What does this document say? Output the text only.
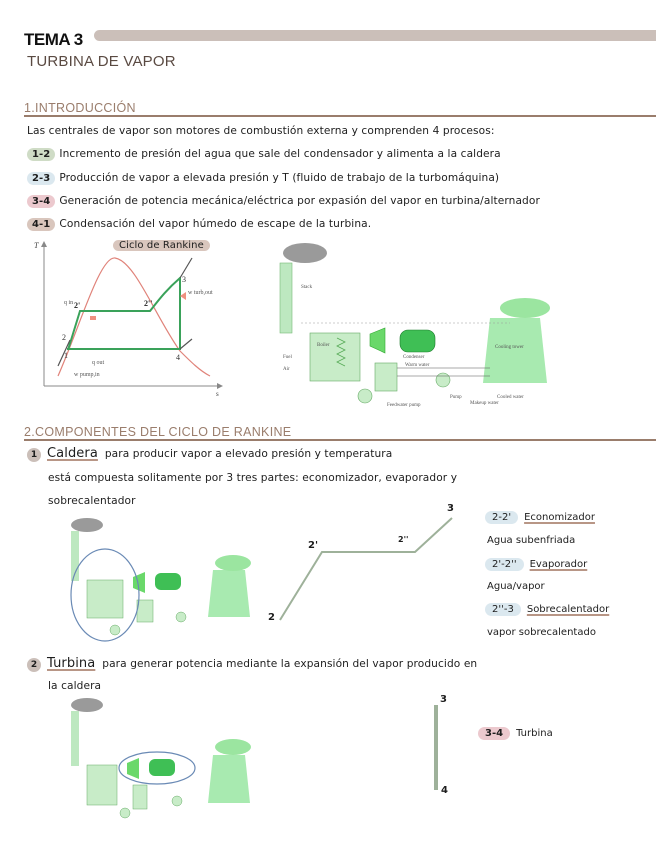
TEMA 3
TURBINA DE VAPOR
1.INTRODUCCIÓN
Las centrales de vapor son motores de combustión externa y comprenden 4 procesos:
1-2 Incremento de presión del agua que sale del condensador y alimenta a la caldera
2-3 Producción de vapor a elevada presión y T (fluido de trabajo de la turbomáquina)
3-4 Generación de potencia mecánica/eléctrica por expasión del vapor en turbina/alternador
4-1 Condensación del vapor húmedo de escape de la turbina.
T
s
3
4
1
2
2'	2''
w turb,out
q in
q out
w pump,in
Ciclo de Rankine
Stack
Boiler
Fuel
Air
Cooling tower
Condenser
Warm water
Feedwater pump
Pump
Makeup water
Cooled water
2.COMPONENTES DEL CICLO DE RANKINE
1 Caldera para producir vapor a elevado presión y temperatura
está compuesta solitamente por 3 tres partes: economizador, evaporador y
sobrecalentador
2
2'
2''
3
2-2' Economizador
Agua subenfriada
2'-2'' Evaporador
Agua/vapor
2''-3 Sobrecalentador
vapor sobrecalentado
2 Turbina para generar potencia mediante la expansión del vapor producido en
la caldera
3
4
3-4 Turbina
